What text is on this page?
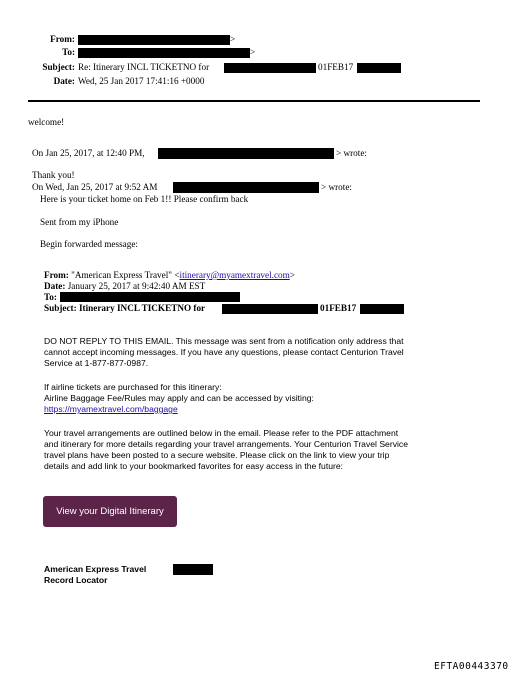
From:	>
To:	>
Subject: Re: Itinerary INCL TICKETNO for	01FEB17
Date: Wed, 25 Jan 2017 17:41:16 +0000
welcome!
On Jan 25, 2017, at 12:40 PM,	> wrote:
Thank you!
On Wed, Jan 25, 2017 at 9:52 AM	> wrote:
Here is your ticket home on Feb 1!! Please confirm back
Sent from my iPhone
Begin forwarded message:
From: "American Express Travel" <itinerary@myamextravel.com>
Date: January 25, 2017 at 9:42:40 AM EST
To:
Subject: Itinerary INCL TICKETNO for	01FEB17
DO NOT REPLY TO THIS EMAIL. This message was sent from a notification only address that
cannot accept incoming messages. If you have any questions, please contact Centurion Travel
Service at 1-877-877-0987.
If airline tickets are purchased for this itinerary:
Airline Baggage Fee/Rules may apply and can be accessed by visiting:
https://myamextravel.com/baggage
Your travel arrangements are outlined below in the email. Please refer to the PDF attachment
and itinerary for more details regarding your travel arrangements. Your Centurion Travel Service
travel plans have been posted to a secure website. Please click on the link to view your trip
details and add link to your bookmarked favorites for easy access in the future:
View your Digital Itinerary
American Express Travel
Record Locator
EFTA00443370
